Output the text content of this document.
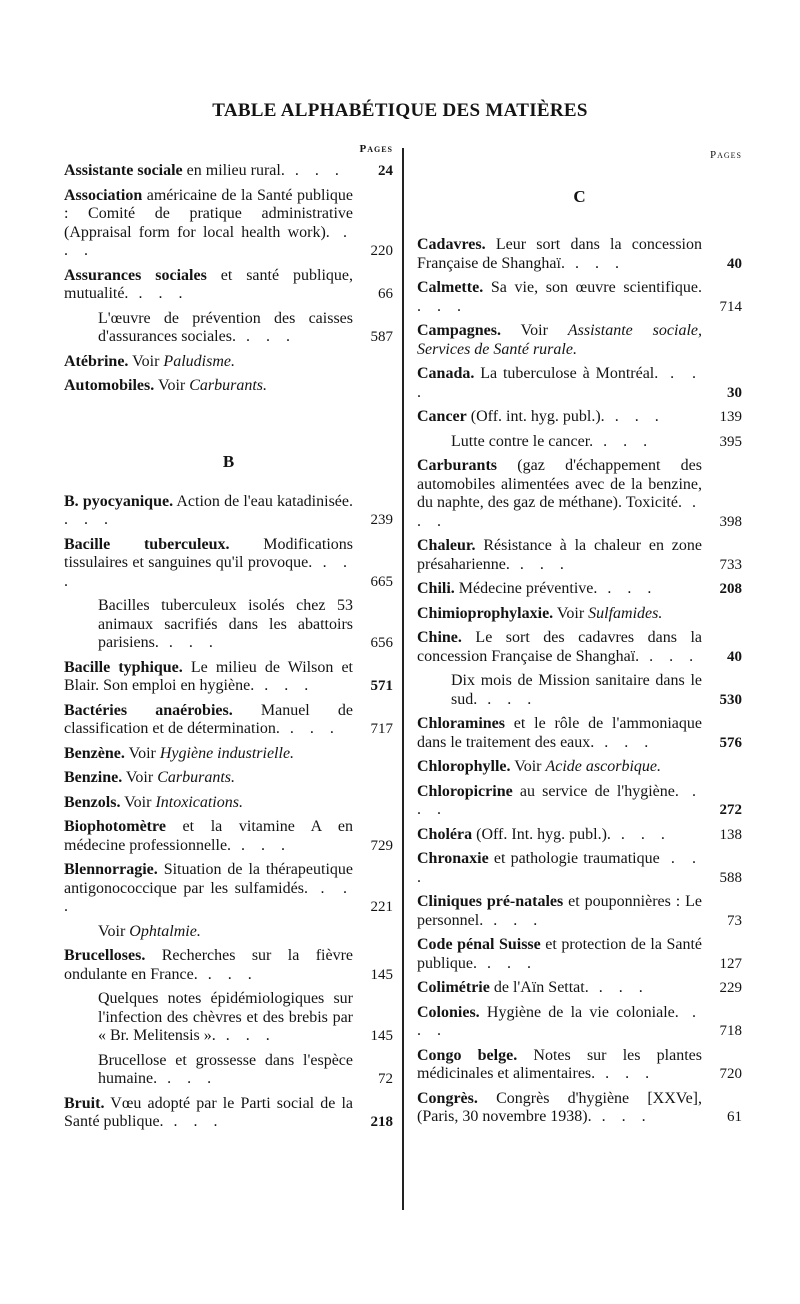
TABLE ALPHABÉTIQUE DES MATIÈRES
Pages
Assistante sociale en milieu rural. . . .	24
Association américaine de la Santé publique : Comité de pratique administrative (Appraisal form for local health work). . . .	220
Assurances sociales et santé publique, mutualité. . . .	66
L'œuvre de prévention des caisses d'assurances sociales. . . .	587
Atébrine. Voir Paludisme.
Automobiles. Voir Carburants.
B
B. pyocyanique. Action de l'eau katadinisée. . . .	239
Bacille tuberculeux. Modifications tissulaires et sanguines qu'il provoque. . . .	665
Bacilles tuberculeux isolés chez 53 animaux sacrifiés dans les abattoirs parisiens. . . .	656
Bacille typhique. Le milieu de Wilson et Blair. Son emploi en hygiène. . . .	571
Bactéries anaérobies. Manuel de classification et de détermination. . . .	717
Benzène. Voir Hygiène industrielle.
Benzine. Voir Carburants.
Benzols. Voir Intoxications.
Biophotomètre et la vitamine A en médecine professionnelle. . . .	729
Blennorragie. Situation de la thérapeutique antigonococcique par les sulfamidés. . . .	221
Voir Ophtalmie.
Brucelloses. Recherches sur la fièvre ondulante en France. . . .	145
Quelques notes épidémiologiques sur l'infection des chèvres et des brebis par « Br. Melitensis ». . . .	145
Brucellose et grossesse dans l'espèce humaine. . . .	72
Bruit. Vœu adopté par le Parti social de la Santé publique. . . .	218
Pages
C
Cadavres. Leur sort dans la concession Française de Shanghaï. . . .	40
Calmette. Sa vie, son œuvre scientifique. . . .	714
Campagnes. Voir Assistante sociale, Services de Santé rurale.
Canada. La tuberculose à Montréal. . . .	30
Cancer (Off. int. hyg. publ.). . . .	139
Lutte contre le cancer. . . .	395
Carburants (gaz d'échappement des automobiles alimentées avec de la benzine, du naphte, des gaz de méthane). Toxicité. . . .	398
Chaleur. Résistance à la chaleur en zone présaharienne. . . .	733
Chili. Médecine préventive. . . .	208
Chimioprophylaxie. Voir Sulfamides.
Chine. Le sort des cadavres dans la concession Française de Shanghaï. . . .	40
Dix mois de Mission sanitaire dans le sud. . . .	530
Chloramines et le rôle de l'ammoniaque dans le traitement des eaux. . . .	576
Chlorophylle. Voir Acide ascorbique.
Chloropicrine au service de l'hygiène. . . .	272
Choléra (Off. Int. hyg. publ.). . . .	138
Chronaxie et pathologie traumatique . . .	588
Cliniques pré-natales et pouponnières : Le personnel. . . .	73
Code pénal Suisse et protection de la Santé publique. . . .	127
Colimétrie de l'Aïn Settat. . . .	229
Colonies. Hygiène de la vie coloniale. . . .	718
Congo belge. Notes sur les plantes médicinales et alimentaires. . . .	720
Congrès. Congrès d'hygiène [XXVe], (Paris, 30 novembre 1938). . . .	61
